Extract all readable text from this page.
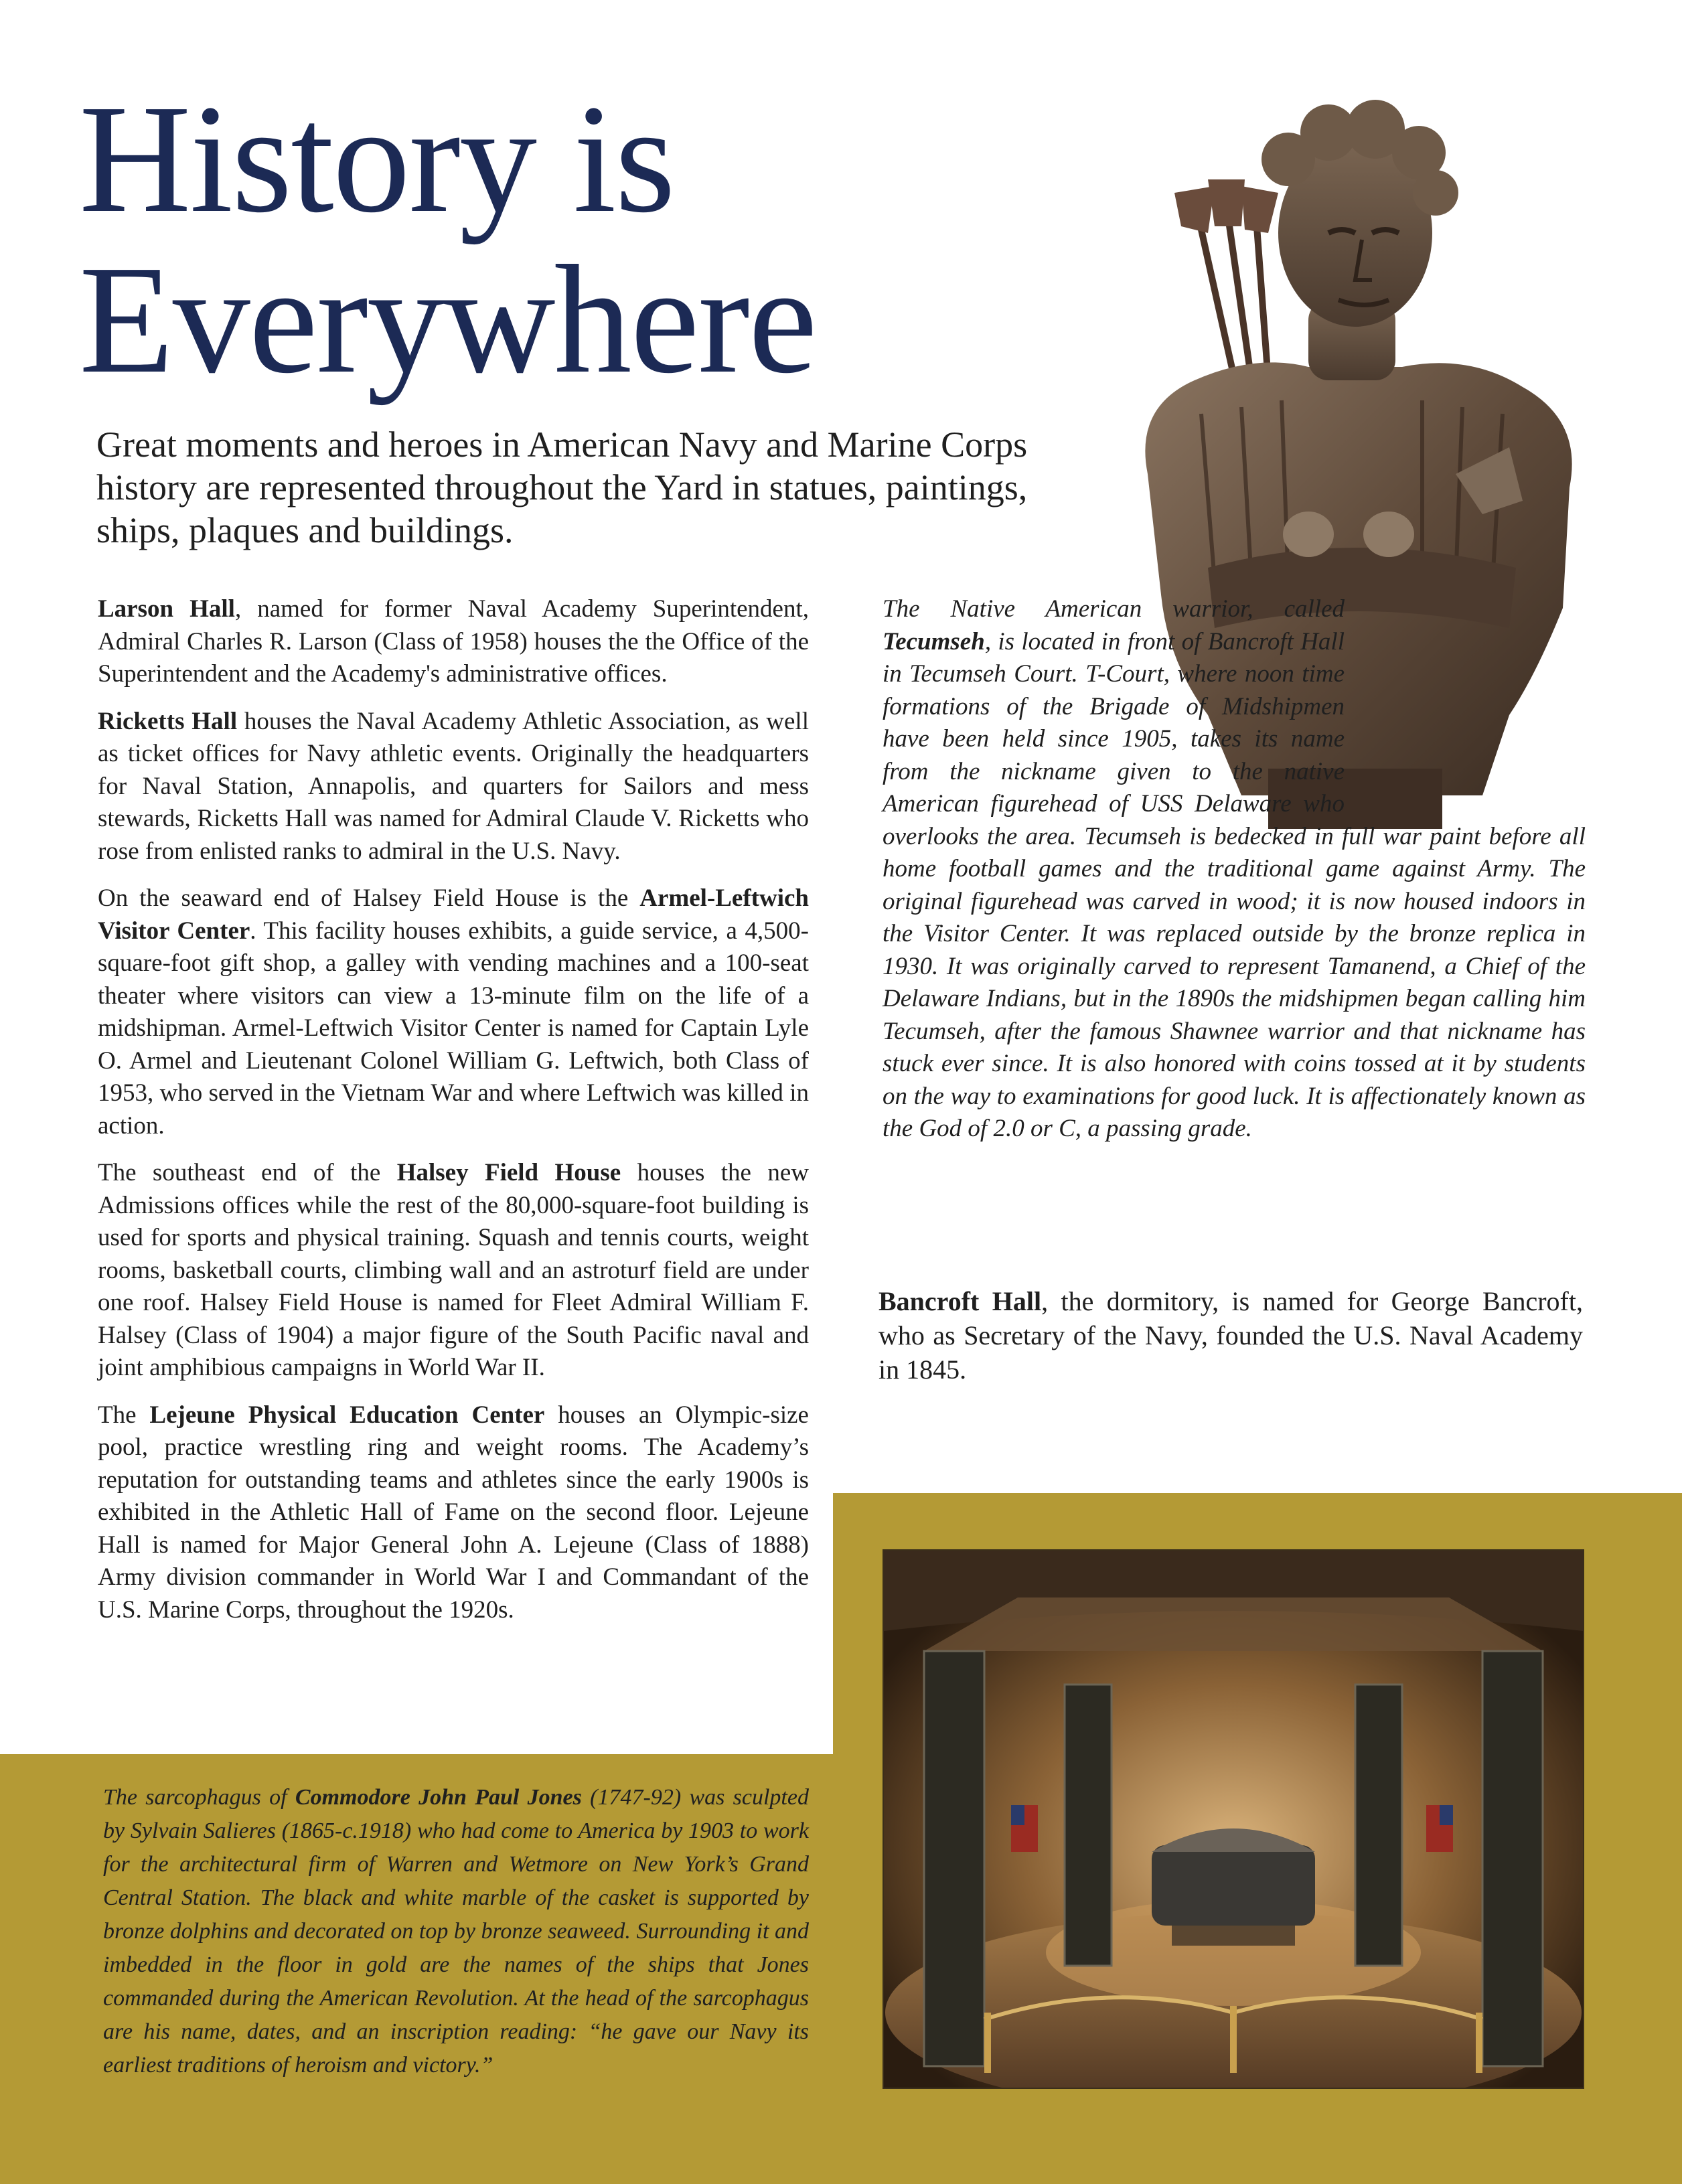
History is
Everywhere

Great moments and heroes in American Navy and Marine Corps history are represented throughout the Yard in statues, paintings, ships, plaques and buildings.

Larson Hall, named for former Naval Academy Superintendent, Admiral Charles R. Larson (Class of 1958) houses the the Office of the Superintendent and the Academy's administrative offices.

Ricketts Hall houses the Naval Academy Athletic Association, as well as ticket offices for Navy athletic events. Originally the headquarters for Naval Station, Annapolis, and quarters for Sailors and mess stewards, Ricketts Hall was named for Admiral Claude V. Ricketts who rose from enlisted ranks to admiral in the U.S. Navy.

On the seaward end of Halsey Field House is the Armel-Leftwich Visitor Center. This facility houses exhibits, a guide service, a 4,500-square-foot gift shop, a galley with vending machines and a 100-seat theater where visitors can view a 13-minute film on the life of a midshipman. Armel-Leftwich Visitor Center is named for Captain Lyle O. Armel and Lieutenant Colonel William G. Leftwich, both Class of 1953, who served in the Vietnam War and where Leftwich was killed in action.

The southeast end of the Halsey Field House houses the new Admissions offices while the rest of the 80,000-square-foot building is used for sports and physical training. Squash and tennis courts, weight rooms, basketball courts, climbing wall and an astroturf field are under one roof. Halsey Field House is named for Fleet Admiral William F. Halsey (Class of 1904) a major figure of the South Pacific naval and joint amphibious campaigns in World War II.

The Lejeune Physical Education Center houses an Olympic-size pool, practice wrestling ring and weight rooms. The Academy’s reputation for outstanding teams and athletes since the early 1900s is exhibited in the Athletic Hall of Fame on the second floor. Lejeune Hall is named for Major General John A. Lejeune (Class of 1888) Army division commander in World War I and Commandant of the U.S. Marine Corps, throughout the 1920s.

The Native American warrior, called Tecumseh, is located in front of Bancroft Hall in Tecumseh Court. T-Court, where noon time formations of the Brigade of Midshipmen have been held since 1905, takes its name from the nickname given to the native American figurehead of USS Delaware who overlooks the area. Tecumseh is bedecked in full war paint before all home football games and the traditional game against Army. The original figurehead was carved in wood; it is now housed indoors in the Visitor Center. It was replaced outside by the bronze replica in 1930. It was originally carved to represent Tamanend, a Chief of the Delaware Indians, but in the 1890s the midshipmen began calling him Tecumseh, after the famous Shawnee warrior and that nickname has stuck ever since. It is also honored with coins tossed at it by students on the way to examinations for good luck. It is affectionately known as the God of 2.0 or C, a passing grade.

Bancroft Hall, the dormitory, is named for George Bancroft, who as Secretary of the Navy, founded the U.S. Naval Academy in 1845.

The sarcophagus of Commodore John Paul Jones (1747-92) was sculpted by Sylvain Salieres (1865-c.1918) who had come to America by 1903 to work for the architectural firm of Warren and Wetmore on New York’s Grand Central Station. The black and white marble of the casket is supported by bronze dolphins and decorated on top by bronze seaweed. Surrounding it and imbedded in the floor in gold are the names of the ships that Jones commanded during the American Revolution. At the head of the sarcophagus are his name, dates, and an inscription reading: “he gave our Navy its earliest traditions of heroism and victory.”
